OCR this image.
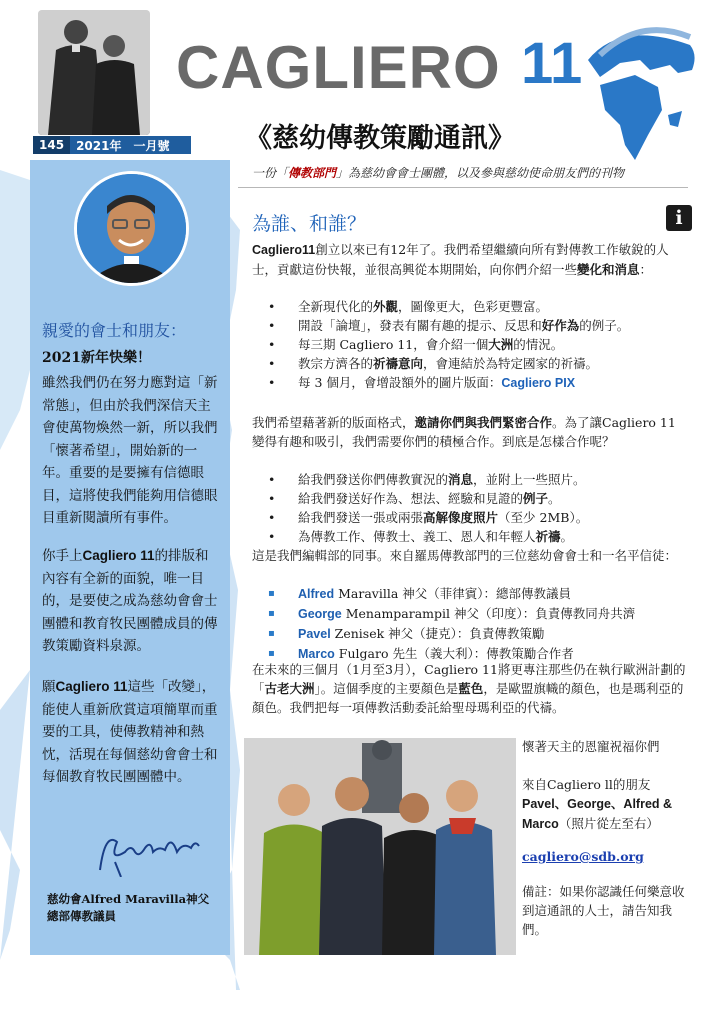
145	2021年　一月號
CAGLIERO 11
《慈幼傳教策勵通訊》
一份「傳教部門」為慈幼會會士團體，以及參與慈幼使命朋友們的刊物
親愛的會士和朋友：
2021新年快樂！
雖然我們仍在努力應對這「新常態」，但由於我們深信天主會使萬物煥然一新，所以我們「懷著希望」，開始新的一年。重要的是要擁有信德眼目，這將使我們能夠用信德眼目重新閱讀所有事件。
你手上Cagliero 11的排版和內容有全新的面貌，唯一目的，是要使之成為慈幼會會士團體和教育牧民團體成員的傳教策勵資料泉源。
願Cagliero 11這些「改變」，能使人重新欣賞這項簡單而重要的工具，使傳教精神和熱忱，活現在每個慈幼會會士和每個教育牧民團團體中。
慈幼會Alfred Maravilla神父
總部傳教議員
為誰、和誰？	i

Cagliero11創立以來已有12年了。我們希望繼續向所有對傳教工作敏銳的人士，貢獻這份快報，並很高興從本期開始，向你們介紹一些變化和消息：

• 全新現代化的外觀，圖像更大，色彩更豐富。
• 開設「論壇」，發表有關有趣的提示、反思和好作為的例子。
• 每三期 Cagliero 11，會介紹一個大洲的情況。
• 教宗方濟各的祈禱意向，會連結於為特定國家的祈禱。
• 每 3 個月，會增設額外的圖片版面：Cagliero PIX

我們希望藉著新的版面格式，邀請你們與我們緊密合作。為了讓Cagliero 11變得有趣和吸引，我們需要你們的積極合作。到底是怎樣合作呢？

• 給我們發送你們傳教實況的消息，並附上一些照片。
• 給我們發送好作為、想法、經驗和見證的例子。
• 給我們發送一張或兩張高解像度照片（至少 2MB）。
• 為傳教工作、傳教士、義工、恩人和年輕人祈禱。

這是我們編輯部的同事。來自羅馬傳教部門的三位慈幼會會士和一名平信徒：

▪ Alfred Maravilla 神父（菲律賓）：總部傳教議員
▪ George Menamparampil 神父（印度）：負責傳教同舟共濟
▪ Pavel Zenisek 神父（捷克）：負責傳教策勵
▪ Marco Fulgaro 先生（義大利）：傳教策勵合作者

在未來的三個月（1月至3月），Cagliero 11將更專注那些仍在執行歐洲計劃的「古老大洲」。這個季度的主要顏色是藍色，是歐盟旗幟的顏色，也是瑪利亞的顏色。我們把每一項傳教活動委託給聖母瑪利亞的代禱。

懷著天主的恩寵祝福你們
來自Cagliero ll的朋友
Pavel、George、Alfred & Marco（照片從左至右）
cagliero@sdb.org
備註：如果你認識任何樂意收到這通訊的人士，請告知我們。
